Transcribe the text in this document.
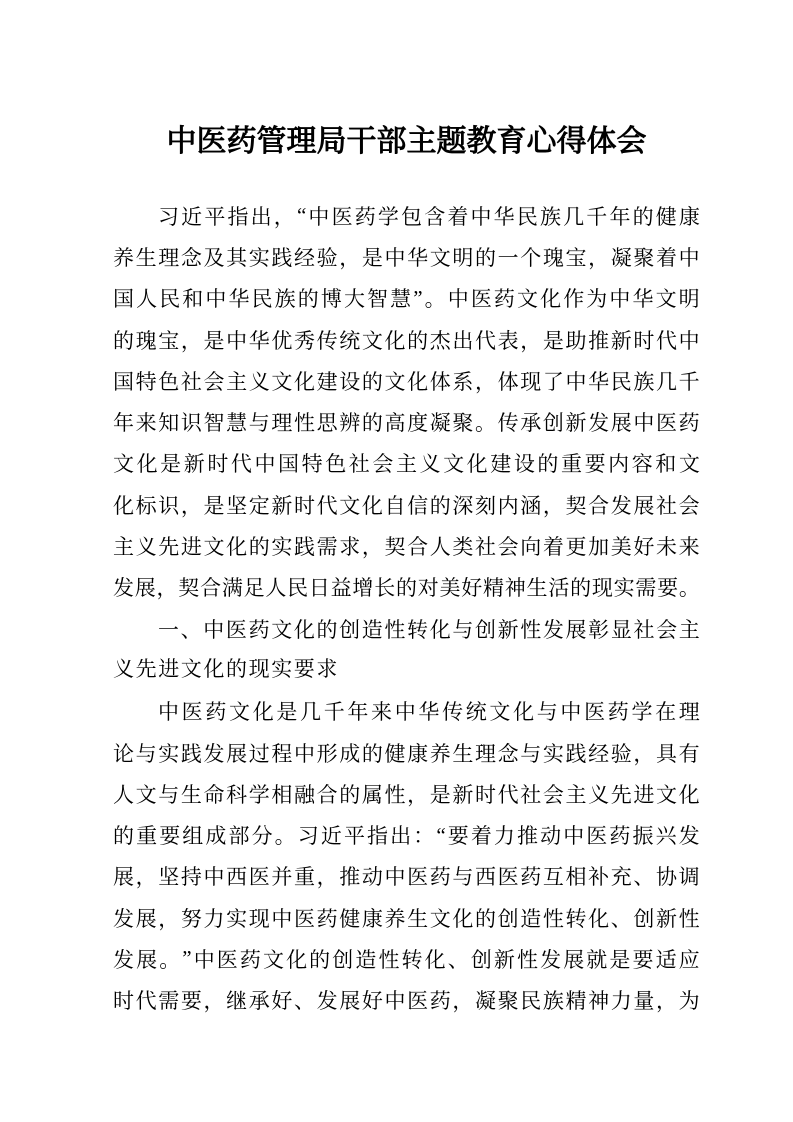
中医药管理局干部主题教育心得体会
习 近 平 指 出 ， “ 中 医 药 学 包 含 着 中 华 民 族 几 千 年 的 健 康
养 生 理 念 及 其 实 践 经 验 ， 是 中 华 文 明 的 一 个 瑰 宝 ， 凝 聚 着 中
国 人 民 和 中 华 民 族 的 博 大 智 慧 ” 。 中 医 药 文 化 作 为 中 华 文 明
的 瑰 宝 ， 是 中 华 优 秀 传 统 文 化 的 杰 出 代 表 ， 是 助 推 新 时 代 中
国 特 色 社 会 主 义 文 化 建 设 的 文 化 体 系 ， 体 现 了 中 华 民 族 几 千
年 来 知 识 智 慧 与 理 性 思 辨 的 高 度 凝 聚 。 传 承 创 新 发 展 中 医 药
文 化 是 新 时 代 中 国 特 色 社 会 主 义 文 化 建 设 的 重 要 内 容 和 文
化 标 识 ， 是 坚 定 新 时 代 文 化 自 信 的 深 刻 内 涵 ， 契 合 发 展 社 会
主 义 先 进 文 化 的 实 践 需 求 ， 契 合 人 类 社 会 向 着 更 加 美 好 未 来
发 展 ， 契 合 满 足 人 民 日 益 增 长 的 对 美 好 精 神 生 活 的 现 实 需 要 。
一 、 中 医 药 文 化 的 创 造 性 转 化 与 创 新 性 发 展 彰 显 社 会 主
义先进文化的现实要求
中 医 药 文 化 是 几 千 年 来 中 华 传 统 文 化 与 中 医 药 学 在 理
论 与 实 践 发 展 过 程 中 形 成 的 健 康 养 生 理 念 与 实 践 经 验 ， 具 有
人 文 与 生 命 科 学 相 融 合 的 属 性 ， 是 新 时 代 社 会 主 义 先 进 文 化
的 重 要 组 成 部 分 。 习 近 平 指 出 ： “ 要 着 力 推 动 中 医 药 振 兴 发
展 ， 坚 持 中 西 医 并 重 ， 推 动 中 医 药 与 西 医 药 互 相 补 充 、 协 调
发 展 ， 努 力 实 现 中 医 药 健 康 养 生 文 化 的 创 造 性 转 化 、 创 新 性
发 展 。 ” 中 医 药 文 化 的 创 造 性 转 化 、 创 新 性 发 展 就 是 要 适 应
时 代 需 要 ， 继 承 好 、 发 展 好 中 医 药 ， 凝 聚 民 族 精 神 力 量 ， 为
